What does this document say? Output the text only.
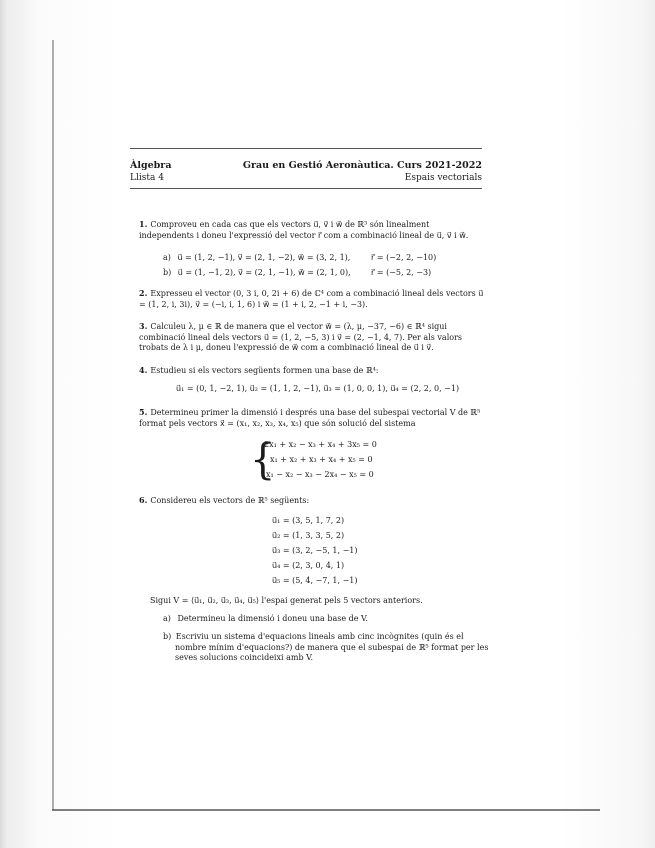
Àlgebra
Llista 4
Grau en Gestió Aeronàutica. Curs 2021-2022
Espais vectorials
1. Comproveu en cada cas que els vectors u⃗, v⃗ i w⃗ de ℝ³ són linealment independents i doneu l'expressió del vector r⃗ com a combinació lineal de u⃗, v⃗ i w⃗.
a) u⃗ = (1, 2, −1), v⃗ = (2, 1, −2), w⃗ = (3, 2, 1),	r⃗ = (−2, 2, −10)
b) u⃗ = (1, −1, 2), v⃗ = (2, 1, −1), w⃗ = (2, 1, 0),	r⃗ = (−5, 2, −3)
2. Expresseu el vector (0, 3 i, 0, 2i + 6) de ℂ⁴ com a combinació lineal dels vectors u⃗ = (1, 2, i, 3i), v⃗ = (−i, i, 1, 6) i w⃗ = (1 + i, 2, −1 + i, −3).
3. Calculeu λ, μ ∈ ℝ de manera que el vector w⃗ = (λ, μ, −37, −6) ∈ ℝ⁴ sigui combinació lineal dels vectors u⃗ = (1, 2, −5, 3) i v⃗ = (2, −1, 4, 7). Per als valors trobats de λ i μ, doneu l'expressió de w⃗ com a combinació lineal de u⃗ i v⃗.
4. Estudieu si els vectors següents formen una base de ℝ⁴:
u⃗₁ = (0, 1, −2, 1), u⃗₂ = (1, 1, 2, −1), u⃗₃ = (1, 0, 0, 1), u⃗₄ = (2, 2, 0, −1)
5. Determineu primer la dimensió i després una base del subespai vectorial V de ℝ⁵ format pels vectors x⃗ = (x₁, x₂, x₃, x₄, x₅) que són solució del sistema
{
2x₁ + x₂ − x₃ + x₄ + 3x₅ = 0
x₁ + x₂ + x₃ + x₄ + x₅ = 0
x₁ − x₂ − x₃ − 2x₄ − x₅ = 0
6. Considereu els vectors de ℝ⁵ següents:
u⃗₁ = (3, 5, 1, 7, 2)
u⃗₂ = (1, 3, 3, 5, 2)
u⃗₃ = (3, 2, −5, 1, −1)
u⃗₄ = (2, 3, 0, 4, 1)
u⃗₅ = (5, 4, −7, 1, −1)
Sigui V = ⟨u⃗₁, u⃗₂, u⃗₃, u⃗₄, u⃗₅⟩ l'espai generat pels 5 vectors anteriors.
a) Determineu la dimensió i doneu una base de V.
b) Escriviu un sistema d'equacions lineals amb cinc incògnites (quin és el nombre mínim d'equacions?) de manera que el subespai de ℝ⁵ format per les seves solucions coincideixi amb V.
